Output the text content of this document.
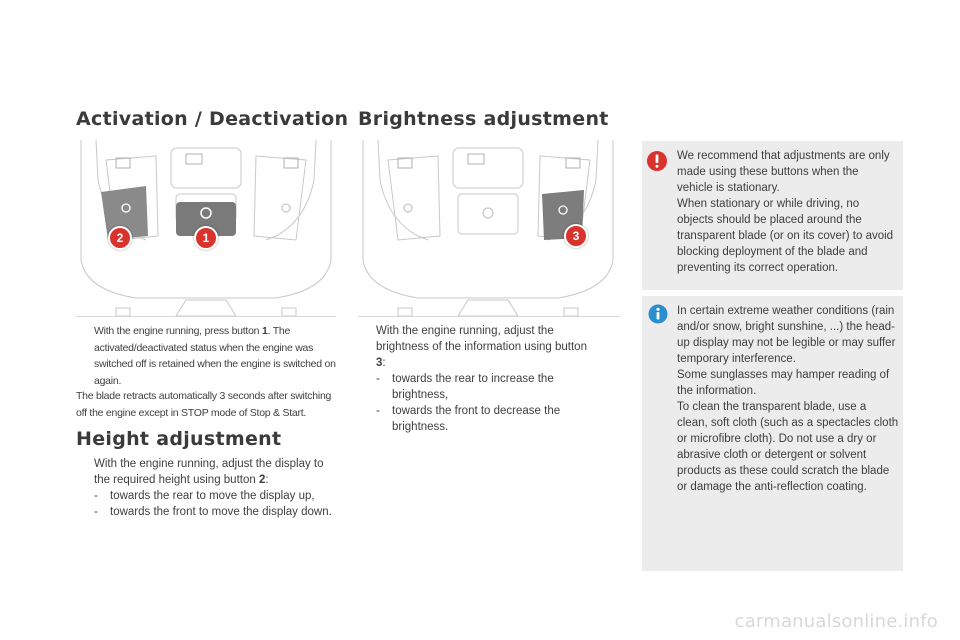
Activation / Deactivation
2	1
With the engine running, press button 1. The activated/deactivated status when the engine was switched off is retained when the engine is switched on again.
The blade retracts automatically 3 seconds after switching off the engine except in STOP mode of Stop & Start.
Height adjustment
With the engine running, adjust the display to the required height using button 2:
-	towards the rear to move the display up,
-	towards the front to move the display down.
Brightness adjustment
3
With the engine running, adjust the brightness of the information using button 3:
-	towards the rear to increase the brightness,
-	towards the front to decrease the brightness.
We recommend that adjustments are only made using these buttons when the vehicle is stationary.
When stationary or while driving, no objects should be placed around the transparent blade (or on its cover) to avoid blocking deployment of the blade and preventing its correct operation.
In certain extreme weather conditions (rain and/or snow, bright sunshine, ...) the head-up display may not be legible or may suffer temporary interference.
Some sunglasses may hamper reading of the information.
To clean the transparent blade, use a clean, soft cloth (such as a spectacles cloth or microfibre cloth). Do not use a dry or abrasive cloth or detergent or solvent products as these could scratch the blade or damage the anti-reflection coating.
carmanualsonline.info
